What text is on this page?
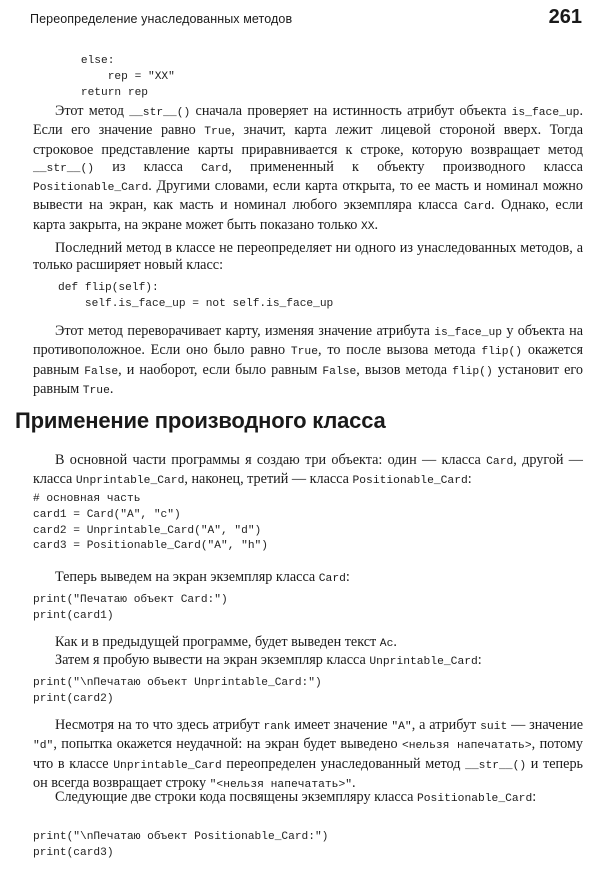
Переопределение унаследованных методов	261
else:
rep = "XX"
return rep
Этот метод __str__() сначала проверяет на истинность атрибут объекта is_face_up. Если его значение равно True, значит, карта лежит лицевой стороной вверх. Тогда строковое представление карты приравнивается к строке, которую возвращает метод __str__() из класса Card, примененный к объекту производного класса Positionable_Card. Другими словами, если карта открыта, то ее масть и номинал можно вывести на экран, как масть и номинал любого экземпляра класса Card. Однако, если карта закрыта, на экране может быть показано только XX.
Последний метод в классе не переопределяет ни одного из унаследованных методов, а только расширяет новый класс:
def flip(self):
self.is_face_up = not self.is_face_up
Этот метод переворачивает карту, изменяя значение атрибута is_face_up у объекта на противоположное. Если оно было равно True, то после вызова метода flip() окажется равным False, и наоборот, если было равным False, вызов метода flip() установит его равным True.
Применение производного класса
В основной части программы я создаю три объекта: один — класса Card, другой — класса Unprintable_Card, наконец, третий — класса Positionable_Card:
# основная часть
card1 = Card("A", "c")
card2 = Unprintable_Card("A", "d")
card3 = Positionable_Card("A", "h")
Теперь выведем на экран экземпляр класса Card:
print("Печатаю объект Card:")
print(card1)
Как и в предыдущей программе, будет выведен текст Ac.
Затем я пробую вывести на экран экземпляр класса Unprintable_Card:
print("\nПечатаю объект Unprintable_Card:")
print(card2)
Несмотря на то что здесь атрибут rank имеет значение "A", а атрибут suit — значение "d", попытка окажется неудачной: на экран будет выведено <нельзя напечатать>, потому что в классе Unprintable_Card переопределен унаследованный метод __str__() и теперь он всегда возвращает строку "<нельзя напечатать>".
Следующие две строки кода посвящены экземпляру класса Positionable_Card:
print("\nПечатаю объект Positionable_Card:")
print(card3)
